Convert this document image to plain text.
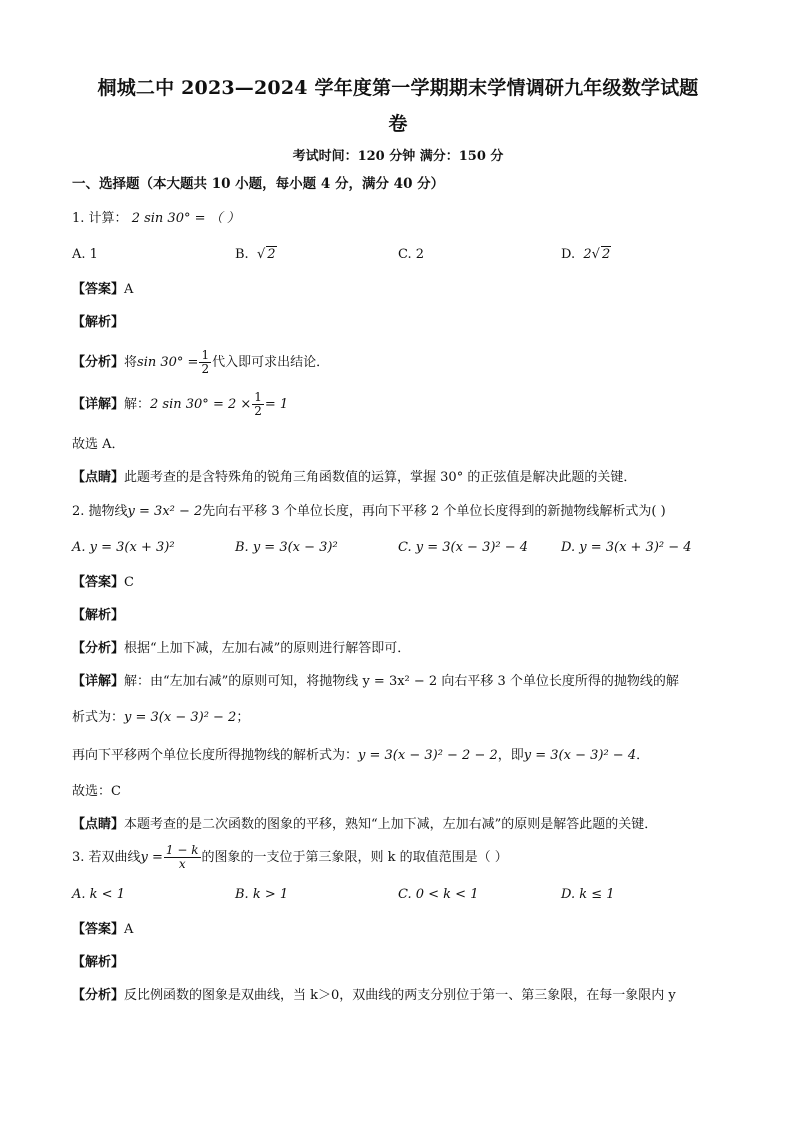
桐城二中 2023—2024 学年度第一学期期末学情调研九年级数学试题
卷
考试时间：120 分钟 满分：150 分
一、选择题（本大题共 10 小题，每小题 4 分，满分 40 分）
1. 计算： 2 sin 30° = （ ）
A. 1	B.  √ 2	C. 2	D. 2√ 2
【答案】A
【解析】
【分析】将$\sin 30^\circ = \frac{1}{2}$ 代入即可求出结论．
【详解】解：2 $\sin 30^\circ = 2 \times \frac{1}{2} = 1$
故选 A．
【点睛】此题考查的是含特殊角的锐角三角函数值的运算，掌握 30° 的正弦值是解决此题的关键．
2. 抛物线y = 3x² − 2先向右平移 3 个单位长度，再向下平移 2 个单位长度得到的新抛物线解析式为( )
A. y = 3(x + 3)²	B. y = 3(x − 3)²	C. y = 3(x − 3)² − 4	D. y = 3(x + 3)² − 4
【答案】C
【解析】
【分析】根据“上加下减，左加右减”的原则进行解答即可．
【详解】解：由“左加右减”的原则可知，将抛物线 y = 3x² − 2 向右平移 3 个单位长度所得的抛物线的解
析式为：y = 3(x − 3)² − 2；
再向下平移两个单位长度所得抛物线的解析式为：y = 3(x − 3)² − 2 − 2，即y = 3(x − 3)² − 4．
故选：C
【点睛】本题考查的是二次函数的图象的平移，熟知“上加下减，左加右减”的原则是解答此题的关键．
3. 若双曲线$y = \frac{1 - k}{x}$ 的图象的一支位于第三象限，则 k 的取值范围是（ ）
A. k < 1	B. k > 1	C. 0 < k < 1	D. k ≤ 1
【答案】A
【解析】
【分析】反比例函数的图象是双曲线，当 k＞0，双曲线的两支分别位于第一、第三象限，在每一象限内 y
